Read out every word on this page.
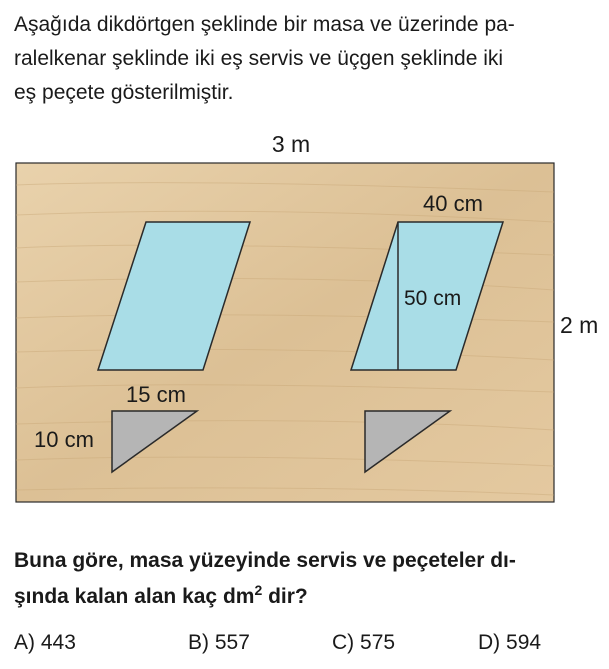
Aşağıda dikdörtgen şeklinde bir masa ve üzerinde pa-
ralelkenar şeklinde iki eş servis ve üçgen şeklinde iki
eş peçete gösterilmiştir.

3 m
40 cm
50 cm
15 cm
10 cm
2 m

Buna göre, masa yüzeyinde servis ve peçeteler dı-
şında kalan alan kaç $dm^2$ dir?

A) 443	B) 557	C) 575	D) 594
